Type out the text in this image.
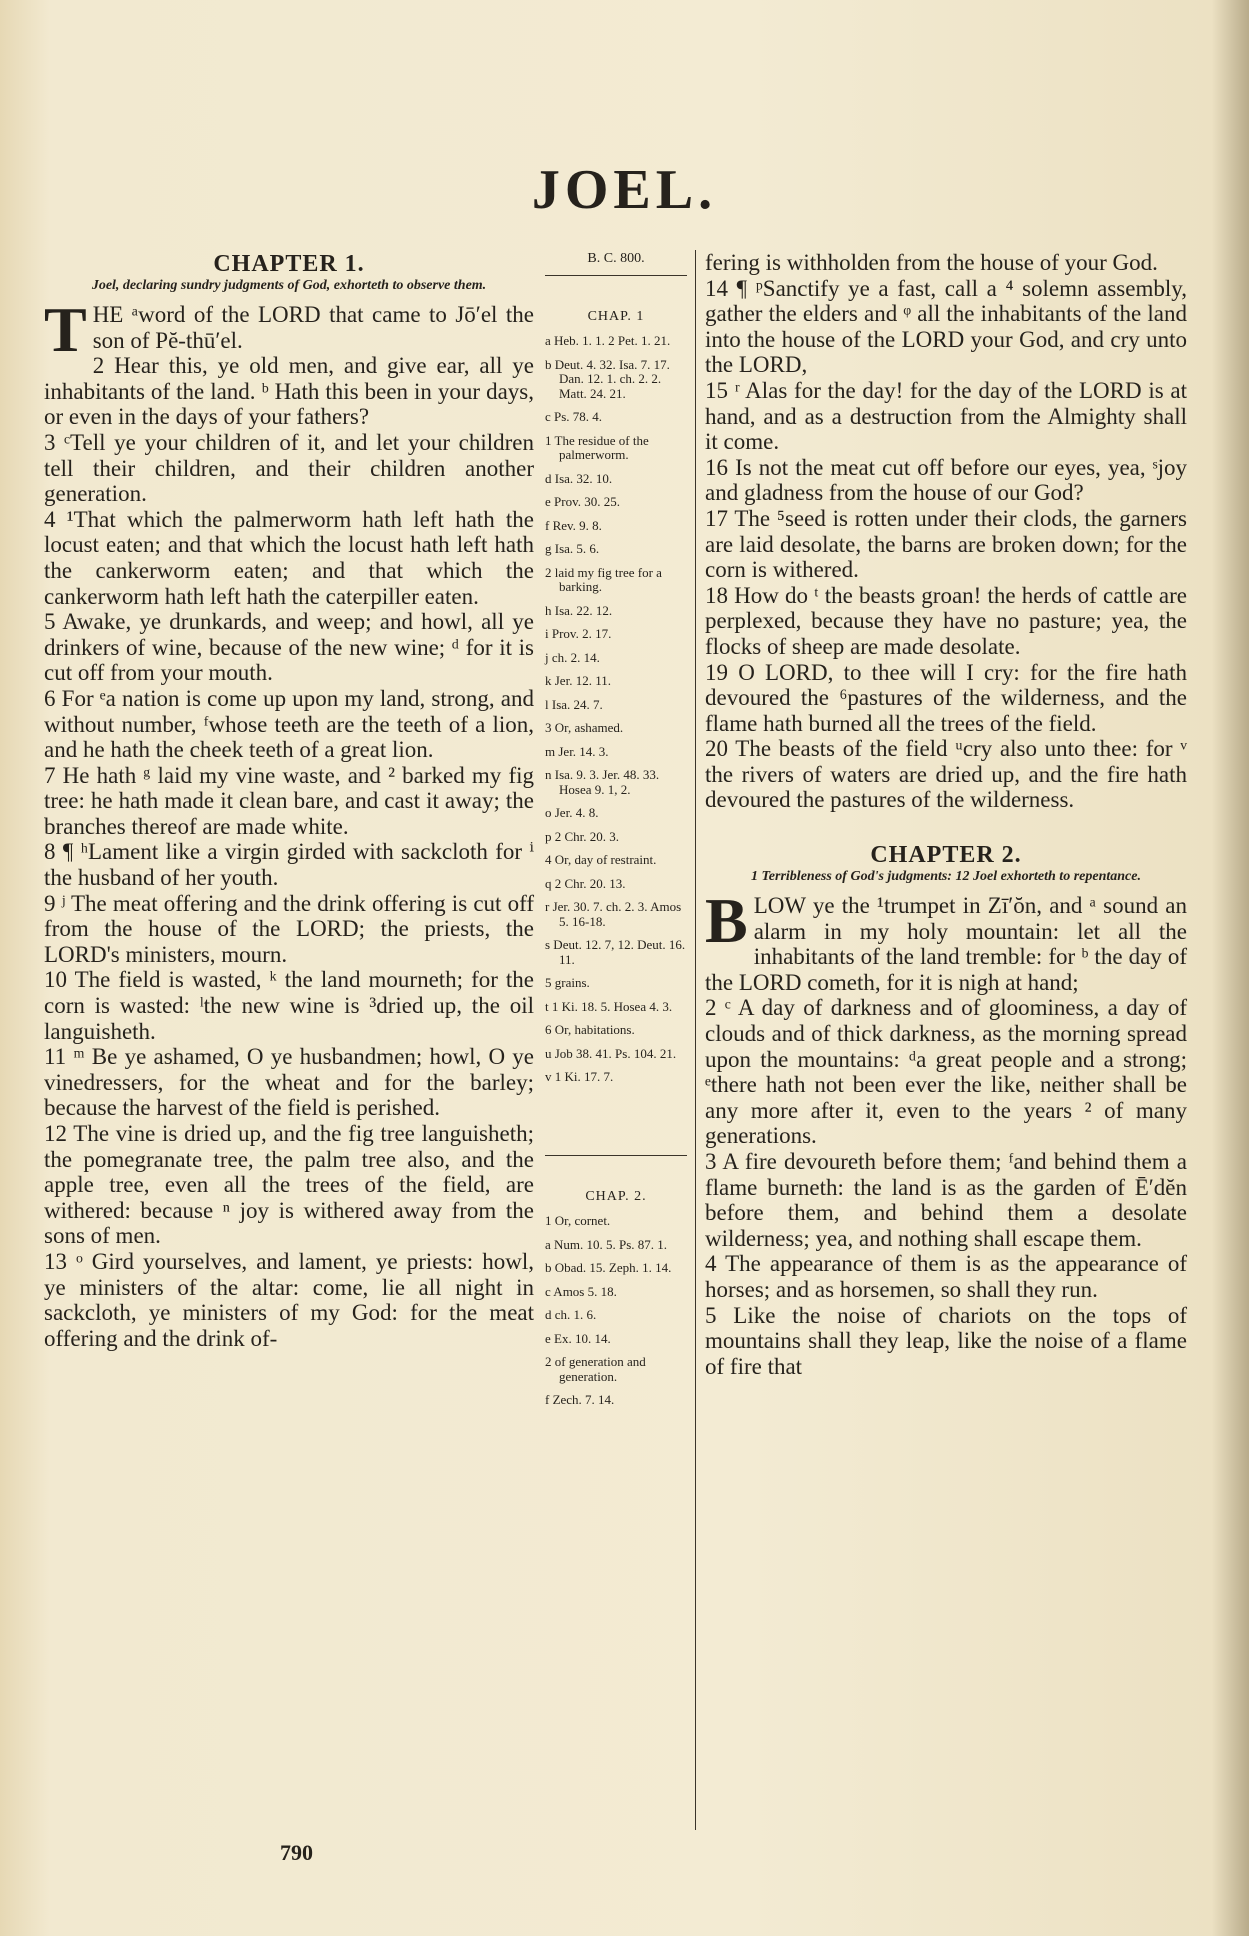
JOEL.

CHAPTER 1.

Joel, declaring sundry judgments of God, exhorteth to observe them.

THE ᵃword of the LORD that came to Jō′el the son of Pĕ-thū′el.

2 Hear this, ye old men, and give ear, all ye inhabitants of the land. ᵇ Hath this been in your days, or even in the days of your fathers?

3 ᶜTell ye your children of it, and let your children tell their children, and their children another generation.

4 ¹That which the palmerworm hath left hath the locust eaten; and that which the locust hath left hath the cankerworm eaten; and that which the cankerworm hath left hath the caterpiller eaten.

5 Awake, ye drunkards, and weep; and howl, all ye drinkers of wine, because of the new wine; ᵈ for it is cut off from your mouth.

6 For ᵉa nation is come up upon my land, strong, and without number, ᶠwhose teeth are the teeth of a lion, and he hath the cheek teeth of a great lion.

7 He hath ᵍ laid my vine waste, and ² barked my fig tree: he hath made it clean bare, and cast it away; the branches thereof are made white.

8 ¶ ʰLament like a virgin girded with sackcloth for ⁱ the husband of her youth.

9 ʲ The meat offering and the drink offering is cut off from the house of the LORD; the priests, the LORD's ministers, mourn.

10 The field is wasted, ᵏ the land mourneth; for the corn is wasted: ˡthe new wine is ³dried up, the oil languisheth.

11 ᵐ Be ye ashamed, O ye husbandmen; howl, O ye vinedressers, for the wheat and for the barley; because the harvest of the field is perished.

12 The vine is dried up, and the fig tree languisheth; the pomegranate tree, the palm tree also, and the apple tree, even all the trees of the field, are withered: because ⁿ joy is withered away from the sons of men.

13 ᵒ Gird yourselves, and lament, ye priests: howl, ye ministers of the altar: come, lie all night in sackcloth, ye ministers of my God: for the meat offering and the drink of-

B. C. 800.
CHAP. 1

a Heb. 1. 1. 2 Pet. 1. 21.

b Deut. 4. 32. Isa. 7. 17. Dan. 12. 1. ch. 2. 2. Matt. 24. 21.

c Ps. 78. 4.

1 The residue of the palmerworm.

d Isa. 32. 10.

e Prov. 30. 25.

f Rev. 9. 8.

g Isa. 5. 6.

2 laid my fig tree for a barking.

h Isa. 22. 12.

i Prov. 2. 17.

j ch. 2. 14.

k Jer. 12. 11.

l Isa. 24. 7.

3 Or, ashamed.

m Jer. 14. 3.

n Isa. 9. 3. Jer. 48. 33. Hosea 9. 1, 2.

o Jer. 4. 8.

p 2 Chr. 20. 3.

4 Or, day of restraint.

q 2 Chr. 20. 13.

r Jer. 30. 7. ch. 2. 3. Amos 5. 16-18.

s Deut. 12. 7, 12. Deut. 16. 11.

5 grains.

t 1 Ki. 18. 5. Hosea 4. 3.

6 Or, habitations.

u Job 38. 41. Ps. 104. 21.

v 1 Ki. 17. 7.

CHAP. 2.

1 Or, cornet.

a Num. 10. 5. Ps. 87. 1.

b Obad. 15. Zeph. 1. 14.

c Amos 5. 18.

d ch. 1. 6.

e Ex. 10. 14.

2 of generation and generation.

f Zech. 7. 14.

fering is withholden from the house of your God.

14 ¶ ᵖSanctify ye a fast, call a ⁴ solemn assembly, gather the elders and ᵠ all the inhabitants of the land into the house of the LORD your God, and cry unto the LORD,

15 ʳ Alas for the day! for the day of the LORD is at hand, and as a destruction from the Almighty shall it come.

16 Is not the meat cut off before our eyes, yea, ˢjoy and gladness from the house of our God?

17 The ⁵seed is rotten under their clods, the garners are laid desolate, the barns are broken down; for the corn is withered.

18 How do ᵗ the beasts groan! the herds of cattle are perplexed, because they have no pasture; yea, the flocks of sheep are made desolate.

19 O LORD, to thee will I cry: for the fire hath devoured the ⁶pastures of the wilderness, and the flame hath burned all the trees of the field.

20 The beasts of the field ᵘcry also unto thee: for ᵛ the rivers of waters are dried up, and the fire hath devoured the pastures of the wilderness.

CHAPTER 2.

1 Terribleness of God's judgments: 12 Joel exhorteth to repentance.

BLOW ye the ¹trumpet in Zī′ŏn, and ᵃ sound an alarm in my holy mountain: let all the inhabitants of the land tremble: for ᵇ the day of the LORD cometh, for it is nigh at hand;

2 ᶜ A day of darkness and of gloominess, a day of clouds and of thick darkness, as the morning spread upon the mountains: ᵈa great people and a strong; ᵉthere hath not been ever the like, neither shall be any more after it, even to the years ² of many generations.

3 A fire devoureth before them; ᶠand behind them a flame burneth: the land is as the garden of Ē′dĕn before them, and behind them a desolate wilderness; yea, and nothing shall escape them.

4 The appearance of them is as the appearance of horses; and as horsemen, so shall they run.

5 Like the noise of chariots on the tops of mountains shall they leap, like the noise of a flame of fire that

790
